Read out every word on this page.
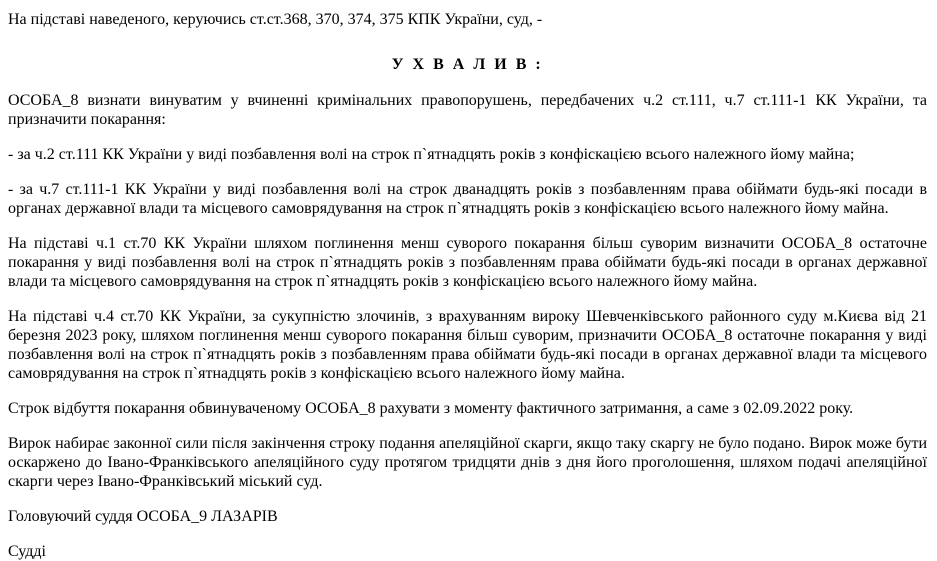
На підставі наведеного, керуючись ст.ст.368, 370, 374, 375 КПК України, суд, -

У Х В А Л И В :

ОСОБА_8 визнати винуватим у вчиненні кримінальних правопорушень, передбачених ч.2 ст.111, ч.7 ст.111-1 КК України, та призначити покарання:

- за ч.2 ст.111 КК України у виді позбавлення волі на строк п`ятнадцять років з конфіскацією всього належного йому майна;

- за ч.7 ст.111-1 КК України у виді позбавлення волі на строк дванадцять років з позбавленням права обіймати будь-які посади в органах державної влади та місцевого самоврядування на строк п`ятнадцять років з конфіскацією всього належного йому майна.

На підставі ч.1 ст.70 КК України шляхом поглинення менш суворого покарання більш суворим визначити ОСОБА_8 остаточне покарання у виді позбавлення волі на строк п`ятнадцять років з позбавленням права обіймати будь-які посади в органах державної влади та місцевого самоврядування на строк п`ятнадцять років з конфіскацією всього належного йому майна.

На підставі ч.4 ст.70 КК України, за сукупністю злочинів, з врахуванням вироку Шевченківського районного суду м.Києва від 21 березня 2023 року, шляхом поглинення менш суворого покарання більш суворим, призначити ОСОБА_8 остаточне покарання у виді позбавлення волі на строк п`ятнадцять років з позбавленням права обіймати будь-які посади в органах державної влади та місцевого самоврядування на строк п`ятнадцять років з конфіскацією всього належного йому майна.

Строк відбуття покарання обвинуваченому ОСОБА_8 рахувати з моменту фактичного затримання, а саме з 02.09.2022 року.

Вирок набирає законної сили після закінчення строку подання апеляційної скарги, якщо таку скаргу не було подано. Вирок може бути оскаржено до Івано-Франківського апеляційного суду протягом тридцяти днів з дня його проголошення, шляхом подачі апеляційної скарги через Івано-Франківський міський суд.

Головуючий суддя ОСОБА_9 ЛАЗАРІВ

Судді
